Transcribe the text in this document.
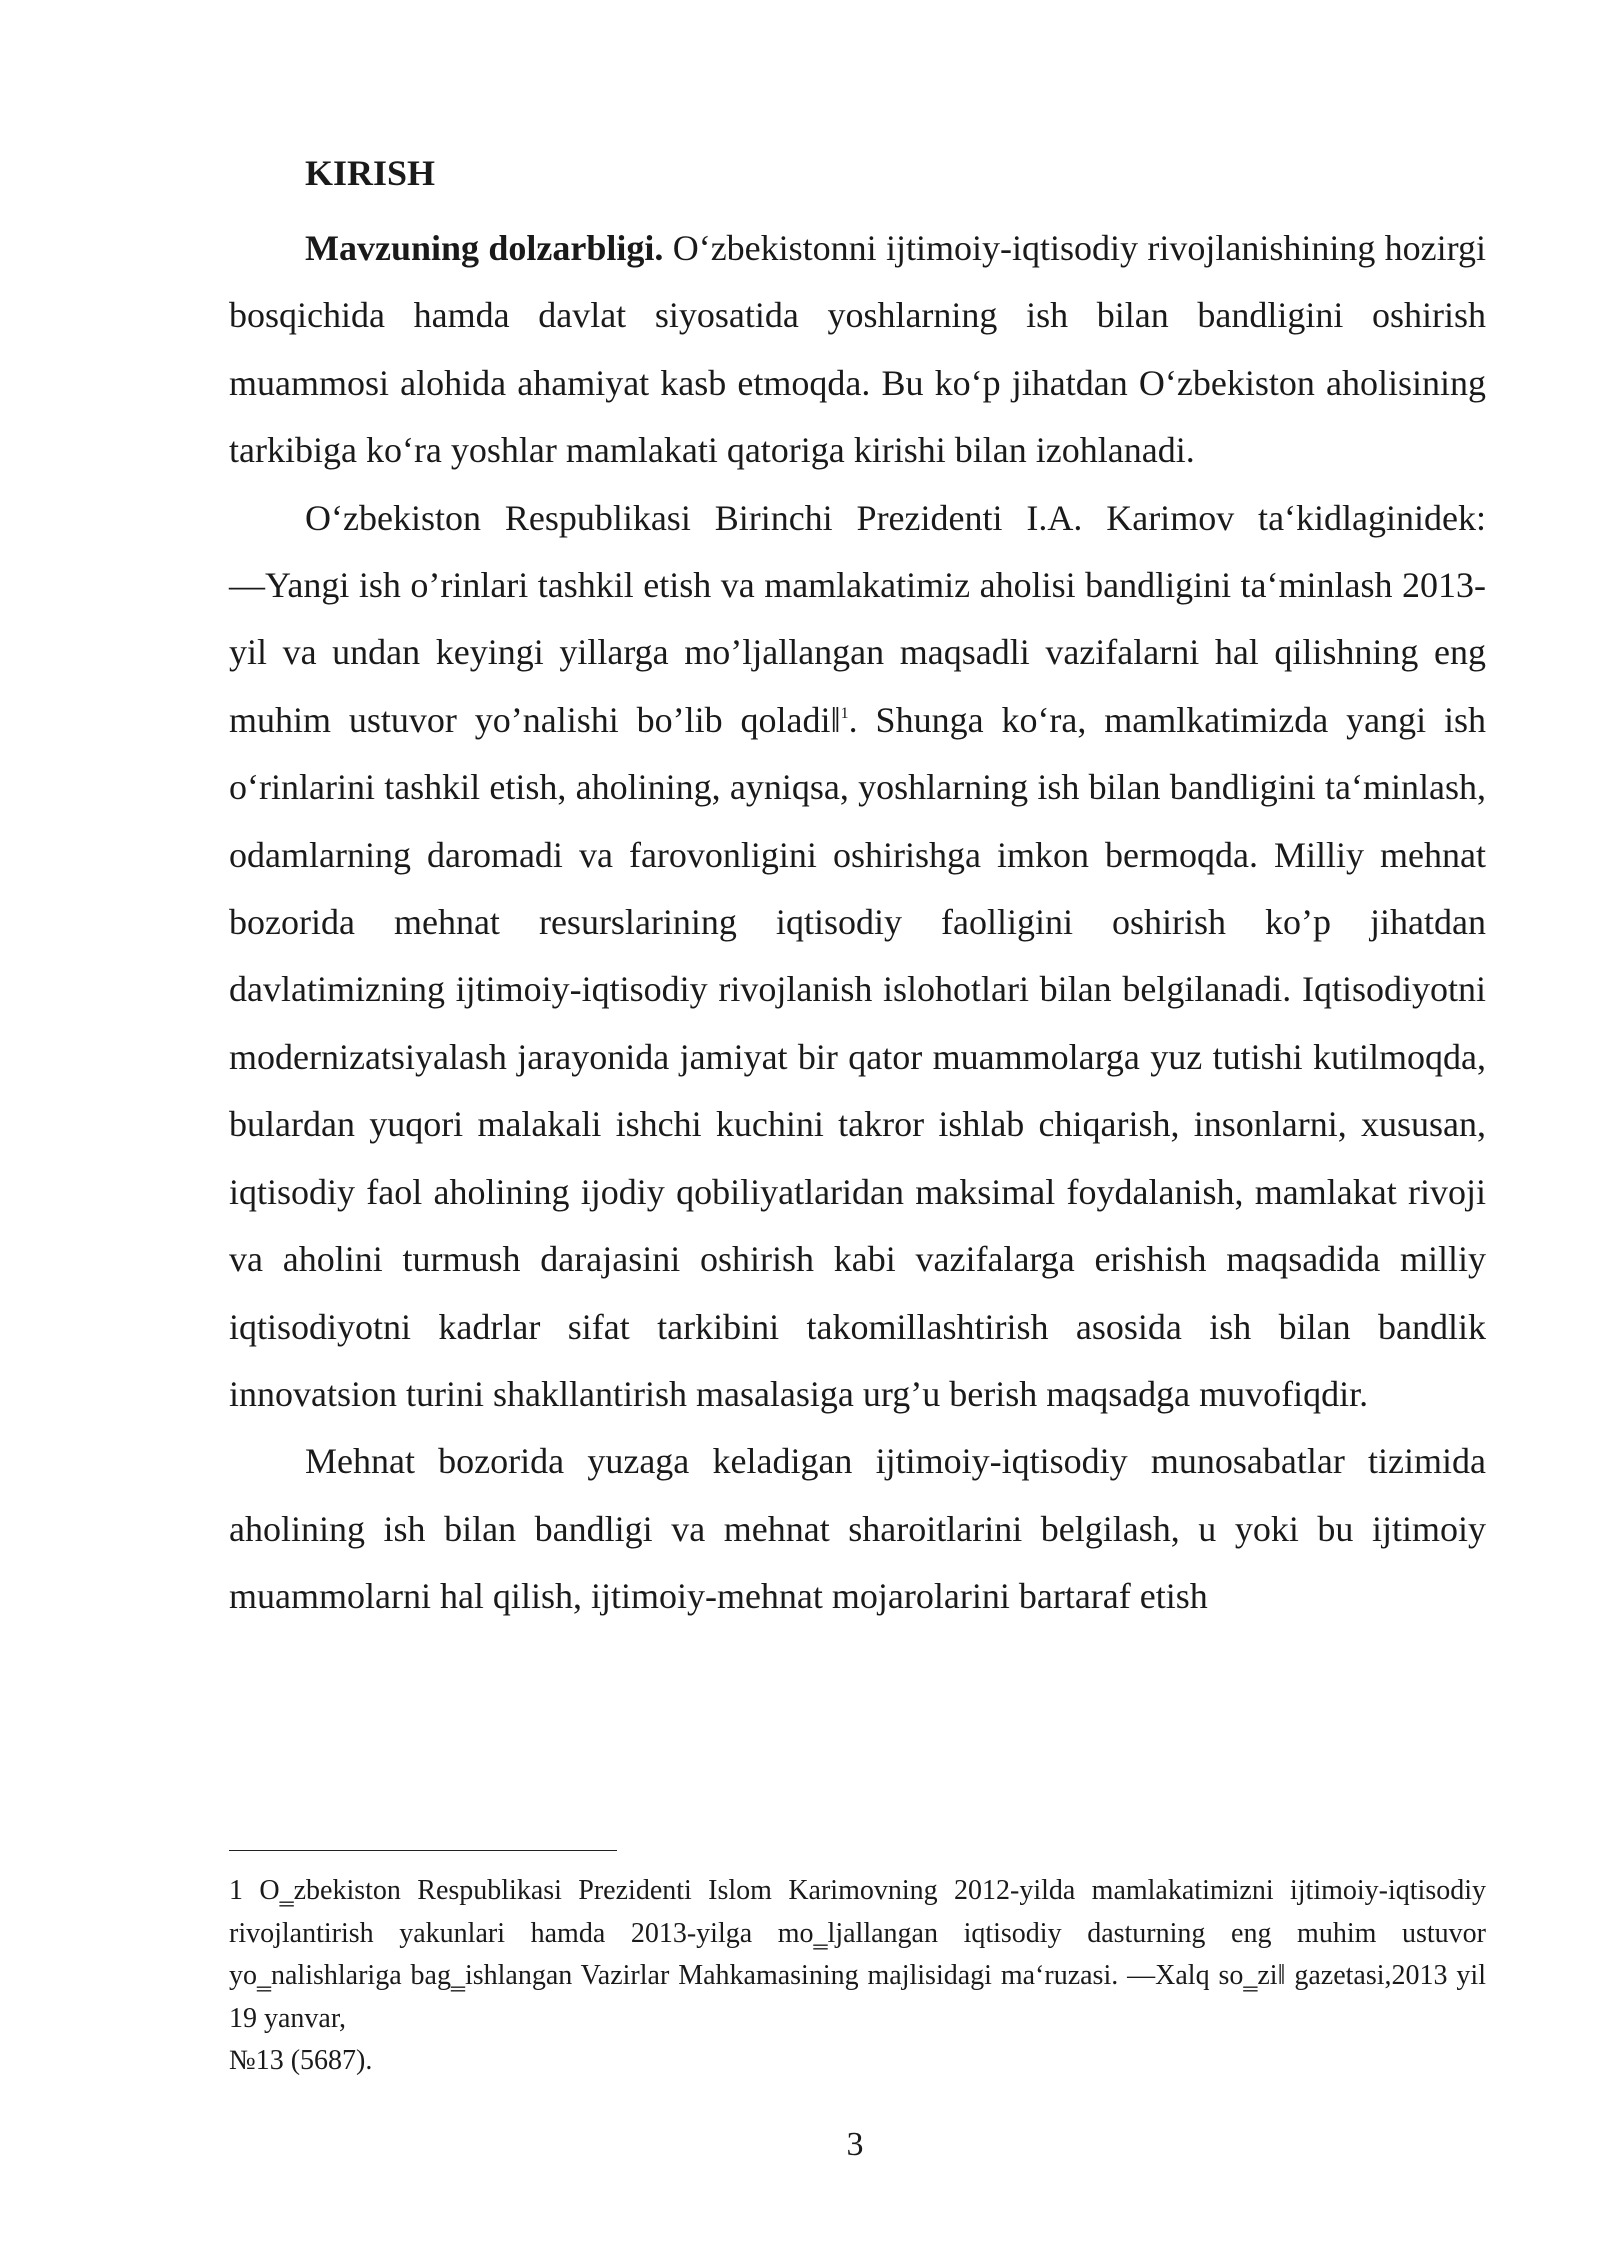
KIRISH

Mavzuning dolzarbligi. O‘zbekistonni ijtimoiy-iqtisodiy rivojlanishining hozirgi bosqichida hamda davlat siyosatida yoshlarning ish bilan bandligini oshirish muammosi alohida ahamiyat kasb etmoqda. Bu ko‘p jihatdan O‘zbekiston aholisining tarkibiga ko‘ra yoshlar mamlakati qatoriga kirishi bilan izohlanadi.

O‘zbekiston Respublikasi Birinchi Prezidenti I.A. Karimov ta‘kidlaginidek: ―Yangi ish o’rinlari tashkil etish va mamlakatimiz aholisi bandligini ta‘minlash 2013-yil va undan keyingi yillarga mo’ljallangan maqsadli vazifalarni hal qilishning eng muhim ustuvor yo’nalishi bo’lib qoladi‖$^1$. Shunga ko‘ra, mamlkatimizda yangi ish o‘rinlarini tashkil etish, aholining, ayniqsa, yoshlarning ish bilan bandligini ta‘minlash, odamlarning daromadi va farovonligini oshirishga imkon bermoqda. Milliy mehnat bozorida mehnat resurslarining iqtisodiy faolligini oshirish ko’p jihatdan davlatimizning ijtimoiy-iqtisodiy rivojlanish islohotlari bilan belgilanadi. Iqtisodiyotni modernizatsiyalash jarayonida jamiyat bir qator muammolarga yuz tutishi kutilmoqda, bulardan yuqori malakali ishchi kuchini takror ishlab chiqarish, insonlarni, xususan, iqtisodiy faol aholining ijodiy qobiliyatlaridan maksimal foydalanish, mamlakat rivoji va aholini turmush darajasini oshirish kabi vazifalarga erishish maqsadida milliy iqtisodiyotni kadrlar sifat tarkibini takomillashtirish asosida ish bilan bandlik innovatsion turini shakllantirish masalasiga urg’u berish maqsadga muvofiqdir.

Mehnat bozorida yuzaga keladigan ijtimoiy-iqtisodiy munosabatlar tizimida aholining ish bilan bandligi va mehnat sharoitlarini belgilash, u yoki bu ijtimoiy muammolarni hal qilish, ijtimoiy-mehnat mojarolarini bartaraf etish

1 O‗zbekiston Respublikasi Prezidenti Islom Karimovning 2012-yilda mamlakatimizni ijtimoiy-iqtisodiy rivojlantirish yakunlari hamda 2013-yilga mo‗ljallangan iqtisodiy dasturning eng muhim ustuvor yo‗nalishlariga bag‗ishlangan Vazirlar Mahkamasining majlisidagi ma‘ruzasi. ―Xalq so‗zi‖ gazetasi,2013 yil 19 yanvar,

№13 (5687).

3
